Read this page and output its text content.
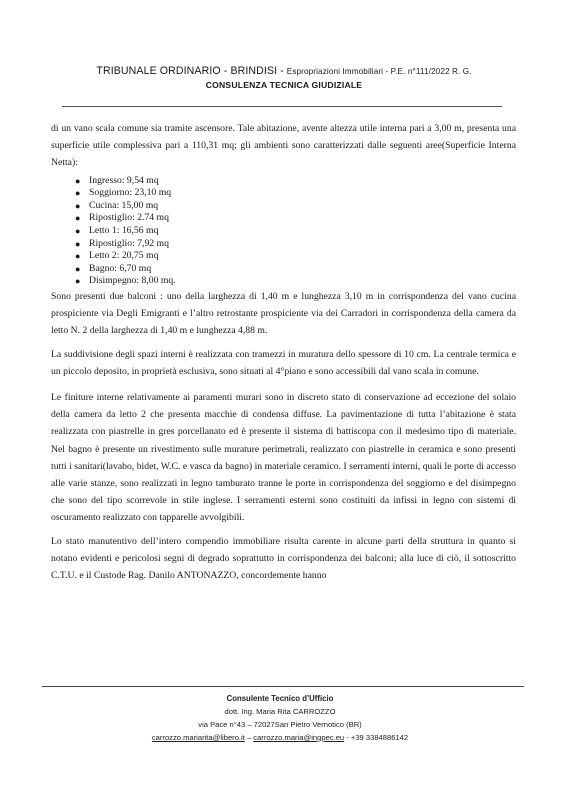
TRIBUNALE ORDINARIO - BRINDISI - Espropriazioni Immobiliari - P.E. n°111/2022 R. G.
CONSULENZA TECNICA GIUDIZIALE

di un vano scala comune sia tramite ascensore. Tale abitazione, avente altezza utile interna pari a 3,00 m, presenta una superficie utile complessiva pari a 110,31 mq; gli ambienti sono caratterizzati dalle seguenti aree(Superficie Interna Netta):

● Ingresso: 9,54 mq
● Soggiorno: 23,10 mq
● Cucina: 15,00 mq
● Ripostiglio: 2.74 mq
● Letto 1: 16,56 mq
● Ripostiglio: 7,92 mq
● Letto 2: 20,75 mq
● Bagno: 6,70 mq
● Disimpegno: 8,00 mq.

Sono presenti due balconi : uno della larghezza di 1,40 m e lunghezza 3,10 m in corrispondenza del vano cucina prospiciente via Degli Emigranti e l’altro retrostante prospiciente via dei Carradori in corrispondenza della camera da letto N. 2 della larghezza di 1,40 m e lunghezza 4,88 m.

La suddivisione degli spazi interni è realizzata con tramezzi in muratura dello spessore di 10 cm. La centrale termica e un piccolo deposito, in proprietà esclusiva, sono situati al 4°piano e sono accessibili dal vano scala in comune.

Le finiture interne relativamente ai paramenti murari sono in discreto stato di conservazione ad eccezione del solaio della camera da letto 2 che presenta macchie di condensa diffuse. La pavimentazione di tutta l’abitazione è stata realizzata con piastrelle in gres porcellanato ed è presente il sistema di battiscopa con il medesimo tipo di materiale. Nel bagno è presente un rivestimento sulle murature perimetrali, realizzato con piastrelle in ceramica e sono presenti tutti i sanitari(lavabo, bidet, W.C. e vasca da bagno) in materiale ceramico. I serramenti interni, quali le porte di accesso alle varie stanze, sono realizzati in legno tamburato tranne le porte in corrispondenza del soggiorno e del disimpegno che sono del tipo scorrevole in stile inglese. I serramenti esterni sono costituiti da infissi in legno con sistemi di oscuramento realizzato con tapparelle avvolgibili.

Lo stato manutentivo dell’intero compendio immobiliare risulta carente in alcune parti della struttura in quanto si notano evidenti e pericolosi segni di degrado soprattutto in corrispondenza dei balconi; alla luce di ciò, il sottoscritto C.T.U. e il Custode Rag. Danilo ANTONAZZO, concordemente hanno

Consulente Tecnico d’Ufficio
dott. Ing. Maria Rita CARROZZO
via Pace n°43 – 72027San Pietro Vernotico (BR)
carrozzo.mariarita@libero.it – carrozzo.maria@ingpec.eu - +39 3384886142
